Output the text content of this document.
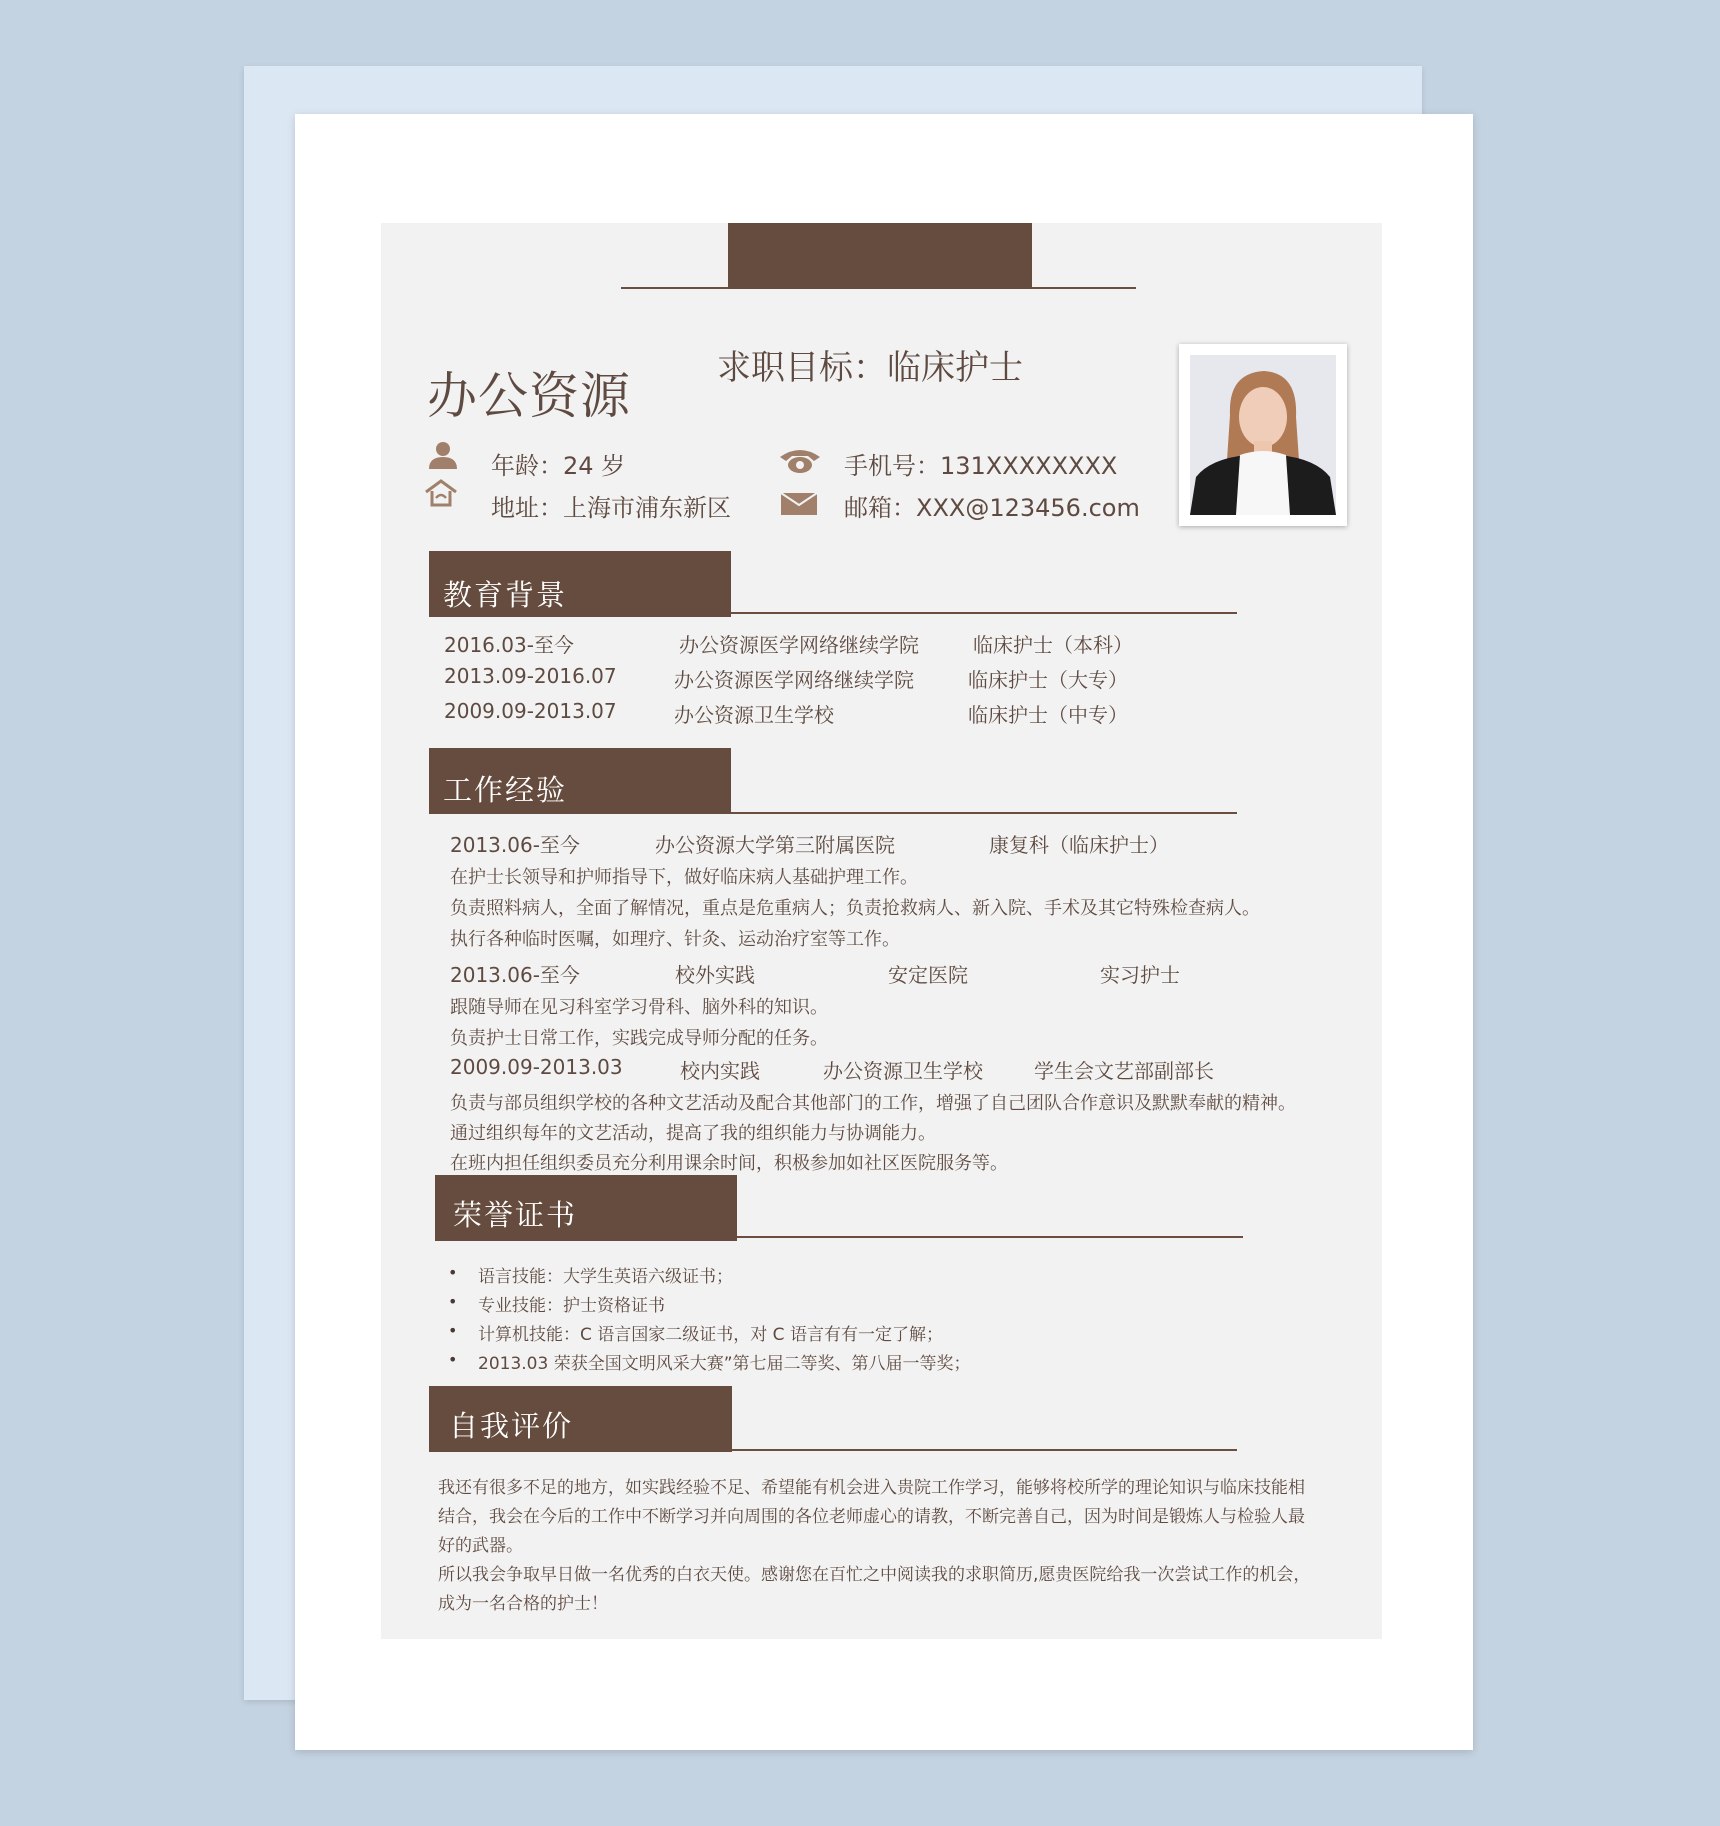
办公资源	求职目标：临床护士
年龄：24 岁
地址：上海市浦东新区
手机号：131XXXXXXXX
邮箱：XXX@123456.com
教育背景
2016.03-至今	办公资源医学网络继续学院	临床护士（本科）
2013.09-2016.07	办公资源医学网络继续学院	临床护士（大专）
2009.09-2013.07	办公资源卫生学校	临床护士（中专）
工作经验
2013.06-至今	办公资源大学第三附属医院	康复科（临床护士）
在护士长领导和护师指导下，做好临床病人基础护理工作。
负责照料病人，全面了解情况，重点是危重病人；负责抢救病人、新入院、手术及其它特殊检查病人。
执行各种临时医嘱，如理疗、针灸、运动治疗室等工作。
2013.06-至今	校外实践	安定医院	实习护士
跟随导师在见习科室学习骨科、脑外科的知识。
负责护士日常工作，实践完成导师分配的任务。
2009.09-2013.03	校内实践	办公资源卫生学校	学生会文艺部副部长
负责与部员组织学校的各种文艺活动及配合其他部门的工作，增强了自己团队合作意识及默默奉献的精神。
通过组织每年的文艺活动，提高了我的组织能力与协调能力。
在班内担任组织委员充分利用课余时间，积极参加如社区医院服务等。
荣誉证书
• 语言技能：大学生英语六级证书；
• 专业技能：护士资格证书
• 计算机技能：C 语言国家二级证书，对 C 语言有有一定了解；
• 2013.03 荣获全国文明风采大赛”第七届二等奖、第八届一等奖；
自我评价
我还有很多不足的地方，如实践经验不足、希望能有机会进入贵院工作学习，能够将校所学的理论知识与临床技能相
结合，我会在今后的工作中不断学习并向周围的各位老师虚心的请教，不断完善自己，因为时间是锻炼人与检验人最
好的武器。
所以我会争取早日做一名优秀的白衣天使。感谢您在百忙之中阅读我的求职简历,愿贵医院给我一次尝试工作的机会，
成为一名合格的护士！
